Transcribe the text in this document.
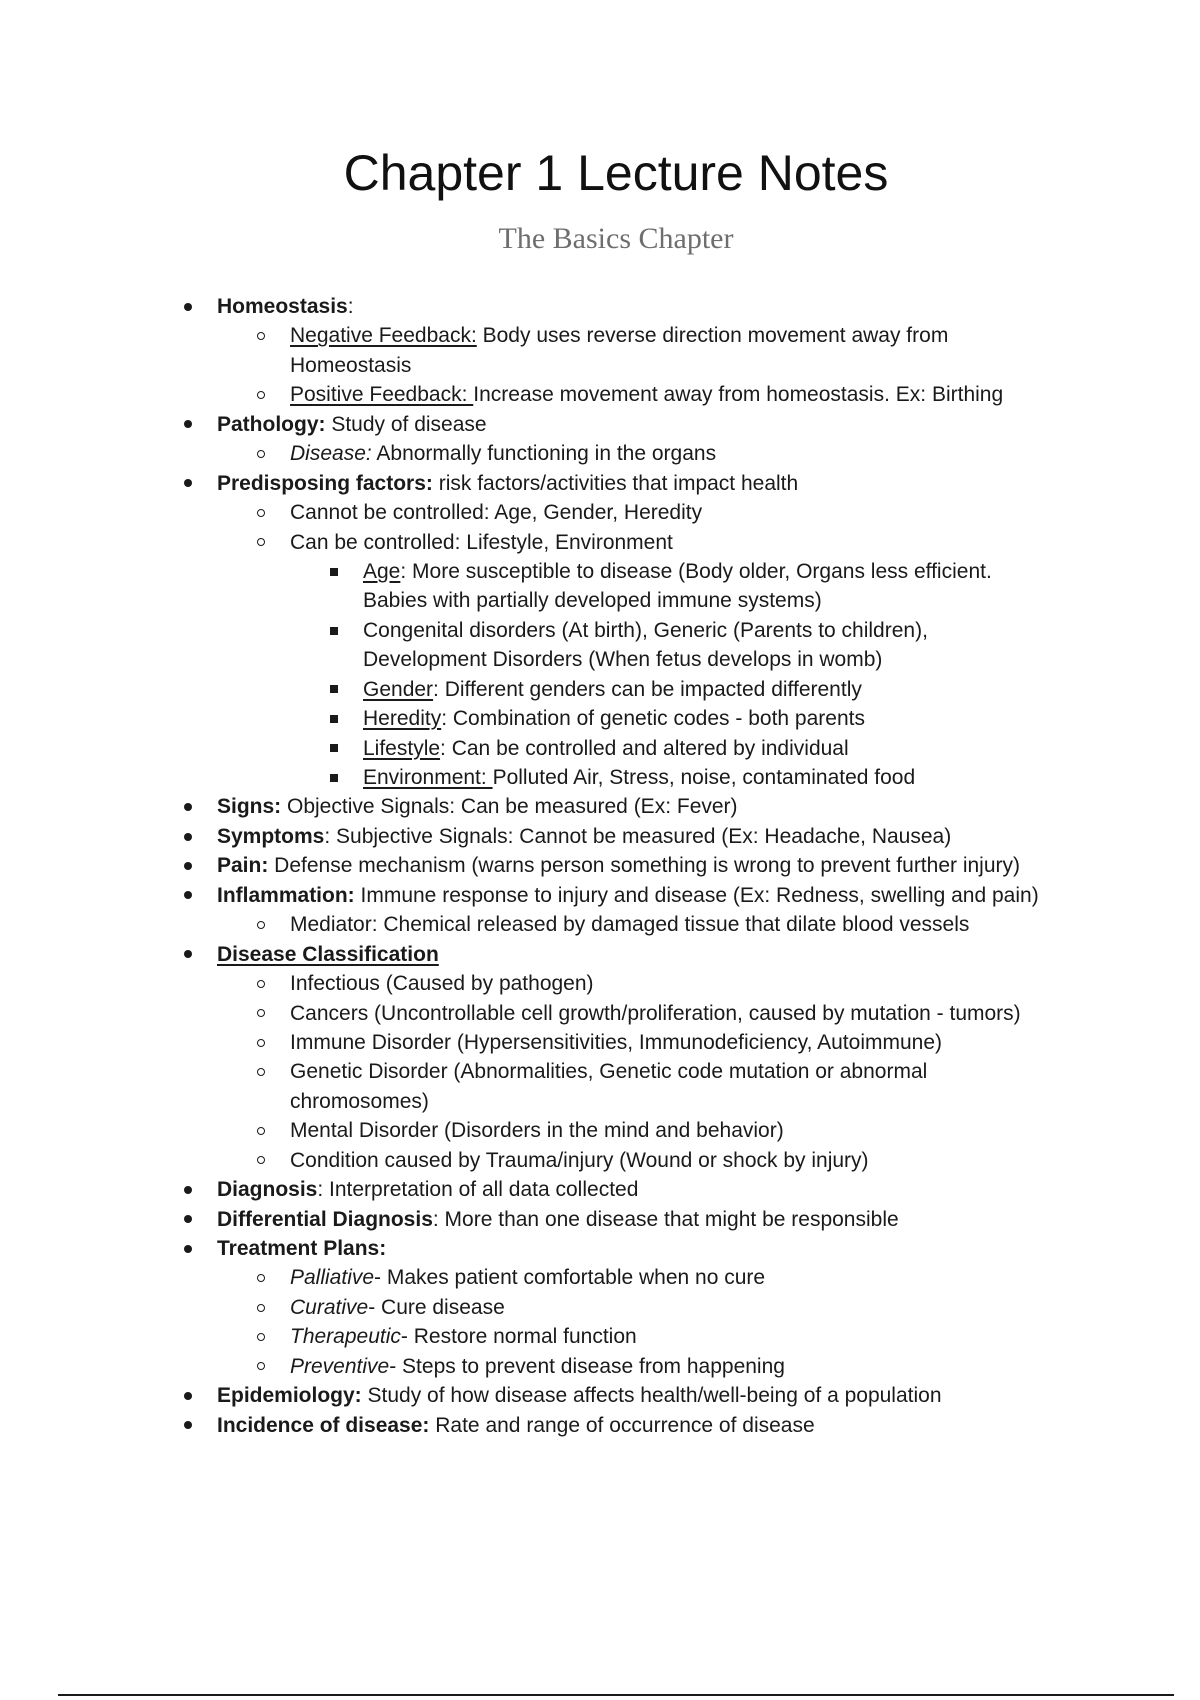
Chapter 1 Lecture Notes
The Basics Chapter
Homeostasis:
Negative Feedback: Body uses reverse direction movement away from
Homeostasis
Positive Feedback: Increase movement away from homeostasis. Ex: Birthing
Pathology: Study of disease
Disease: Abnormally functioning in the organs
Predisposing factors: risk factors/activities that impact health
Cannot be controlled: Age, Gender, Heredity
Can be controlled: Lifestyle, Environment
Age: More susceptible to disease (Body older, Organs less efficient.
Babies with partially developed immune systems)
Congenital disorders (At birth), Generic (Parents to children),
Development Disorders (When fetus develops in womb)
Gender: Different genders can be impacted differently
Heredity: Combination of genetic codes - both parents
Lifestyle: Can be controlled and altered by individual
Environment: Polluted Air, Stress, noise, contaminated food
Signs: Objective Signals: Can be measured (Ex: Fever)
Symptoms: Subjective Signals: Cannot be measured (Ex: Headache, Nausea)
Pain: Defense mechanism (warns person something is wrong to prevent further injury)
Inflammation: Immune response to injury and disease (Ex: Redness, swelling and pain)
Mediator: Chemical released by damaged tissue that dilate blood vessels
Disease Classification
Infectious (Caused by pathogen)
Cancers (Uncontrollable cell growth/proliferation, caused by mutation - tumors)
Immune Disorder (Hypersensitivities, Immunodeficiency, Autoimmune)
Genetic Disorder (Abnormalities, Genetic code mutation or abnormal
chromosomes)
Mental Disorder (Disorders in the mind and behavior)
Condition caused by Trauma/injury (Wound or shock by injury)
Diagnosis: Interpretation of all data collected
Differential Diagnosis: More than one disease that might be responsible
Treatment Plans:
Palliative- Makes patient comfortable when no cure
Curative- Cure disease
Therapeutic- Restore normal function
Preventive- Steps to prevent disease from happening
Epidemiology: Study of how disease affects health/well-being of a population
Incidence of disease: Rate and range of occurrence of disease
